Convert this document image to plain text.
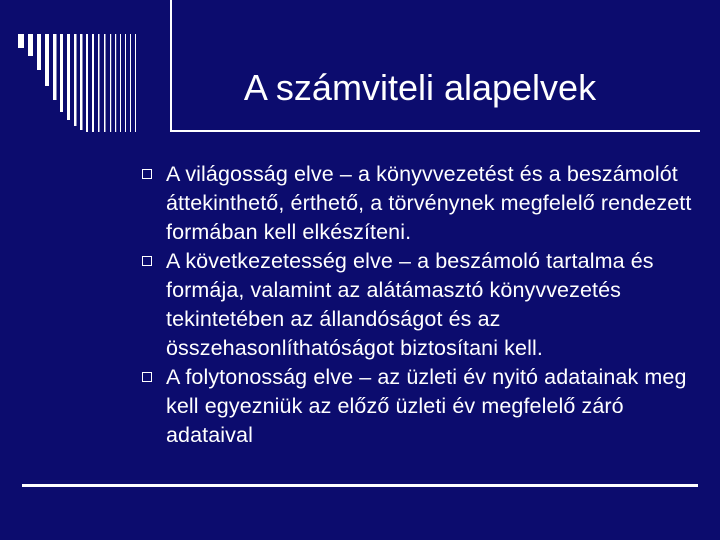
A számviteli alapelvek
A világosság elve – a könyvvezetést és a beszámolót áttekinthető, érthető, a törvénynek megfelelő rendezett formában kell elkészíteni.
A következetesség elve – a beszámoló tartalma és formája, valamint az alátámasztó könyvvezetés tekintetében az állandóságot és az összehasonlíthatóságot biztosítani kell.
A folytonosság elve – az üzleti év nyitó adatainak meg kell egyezniük az előző üzleti év megfelelő záró adataival
